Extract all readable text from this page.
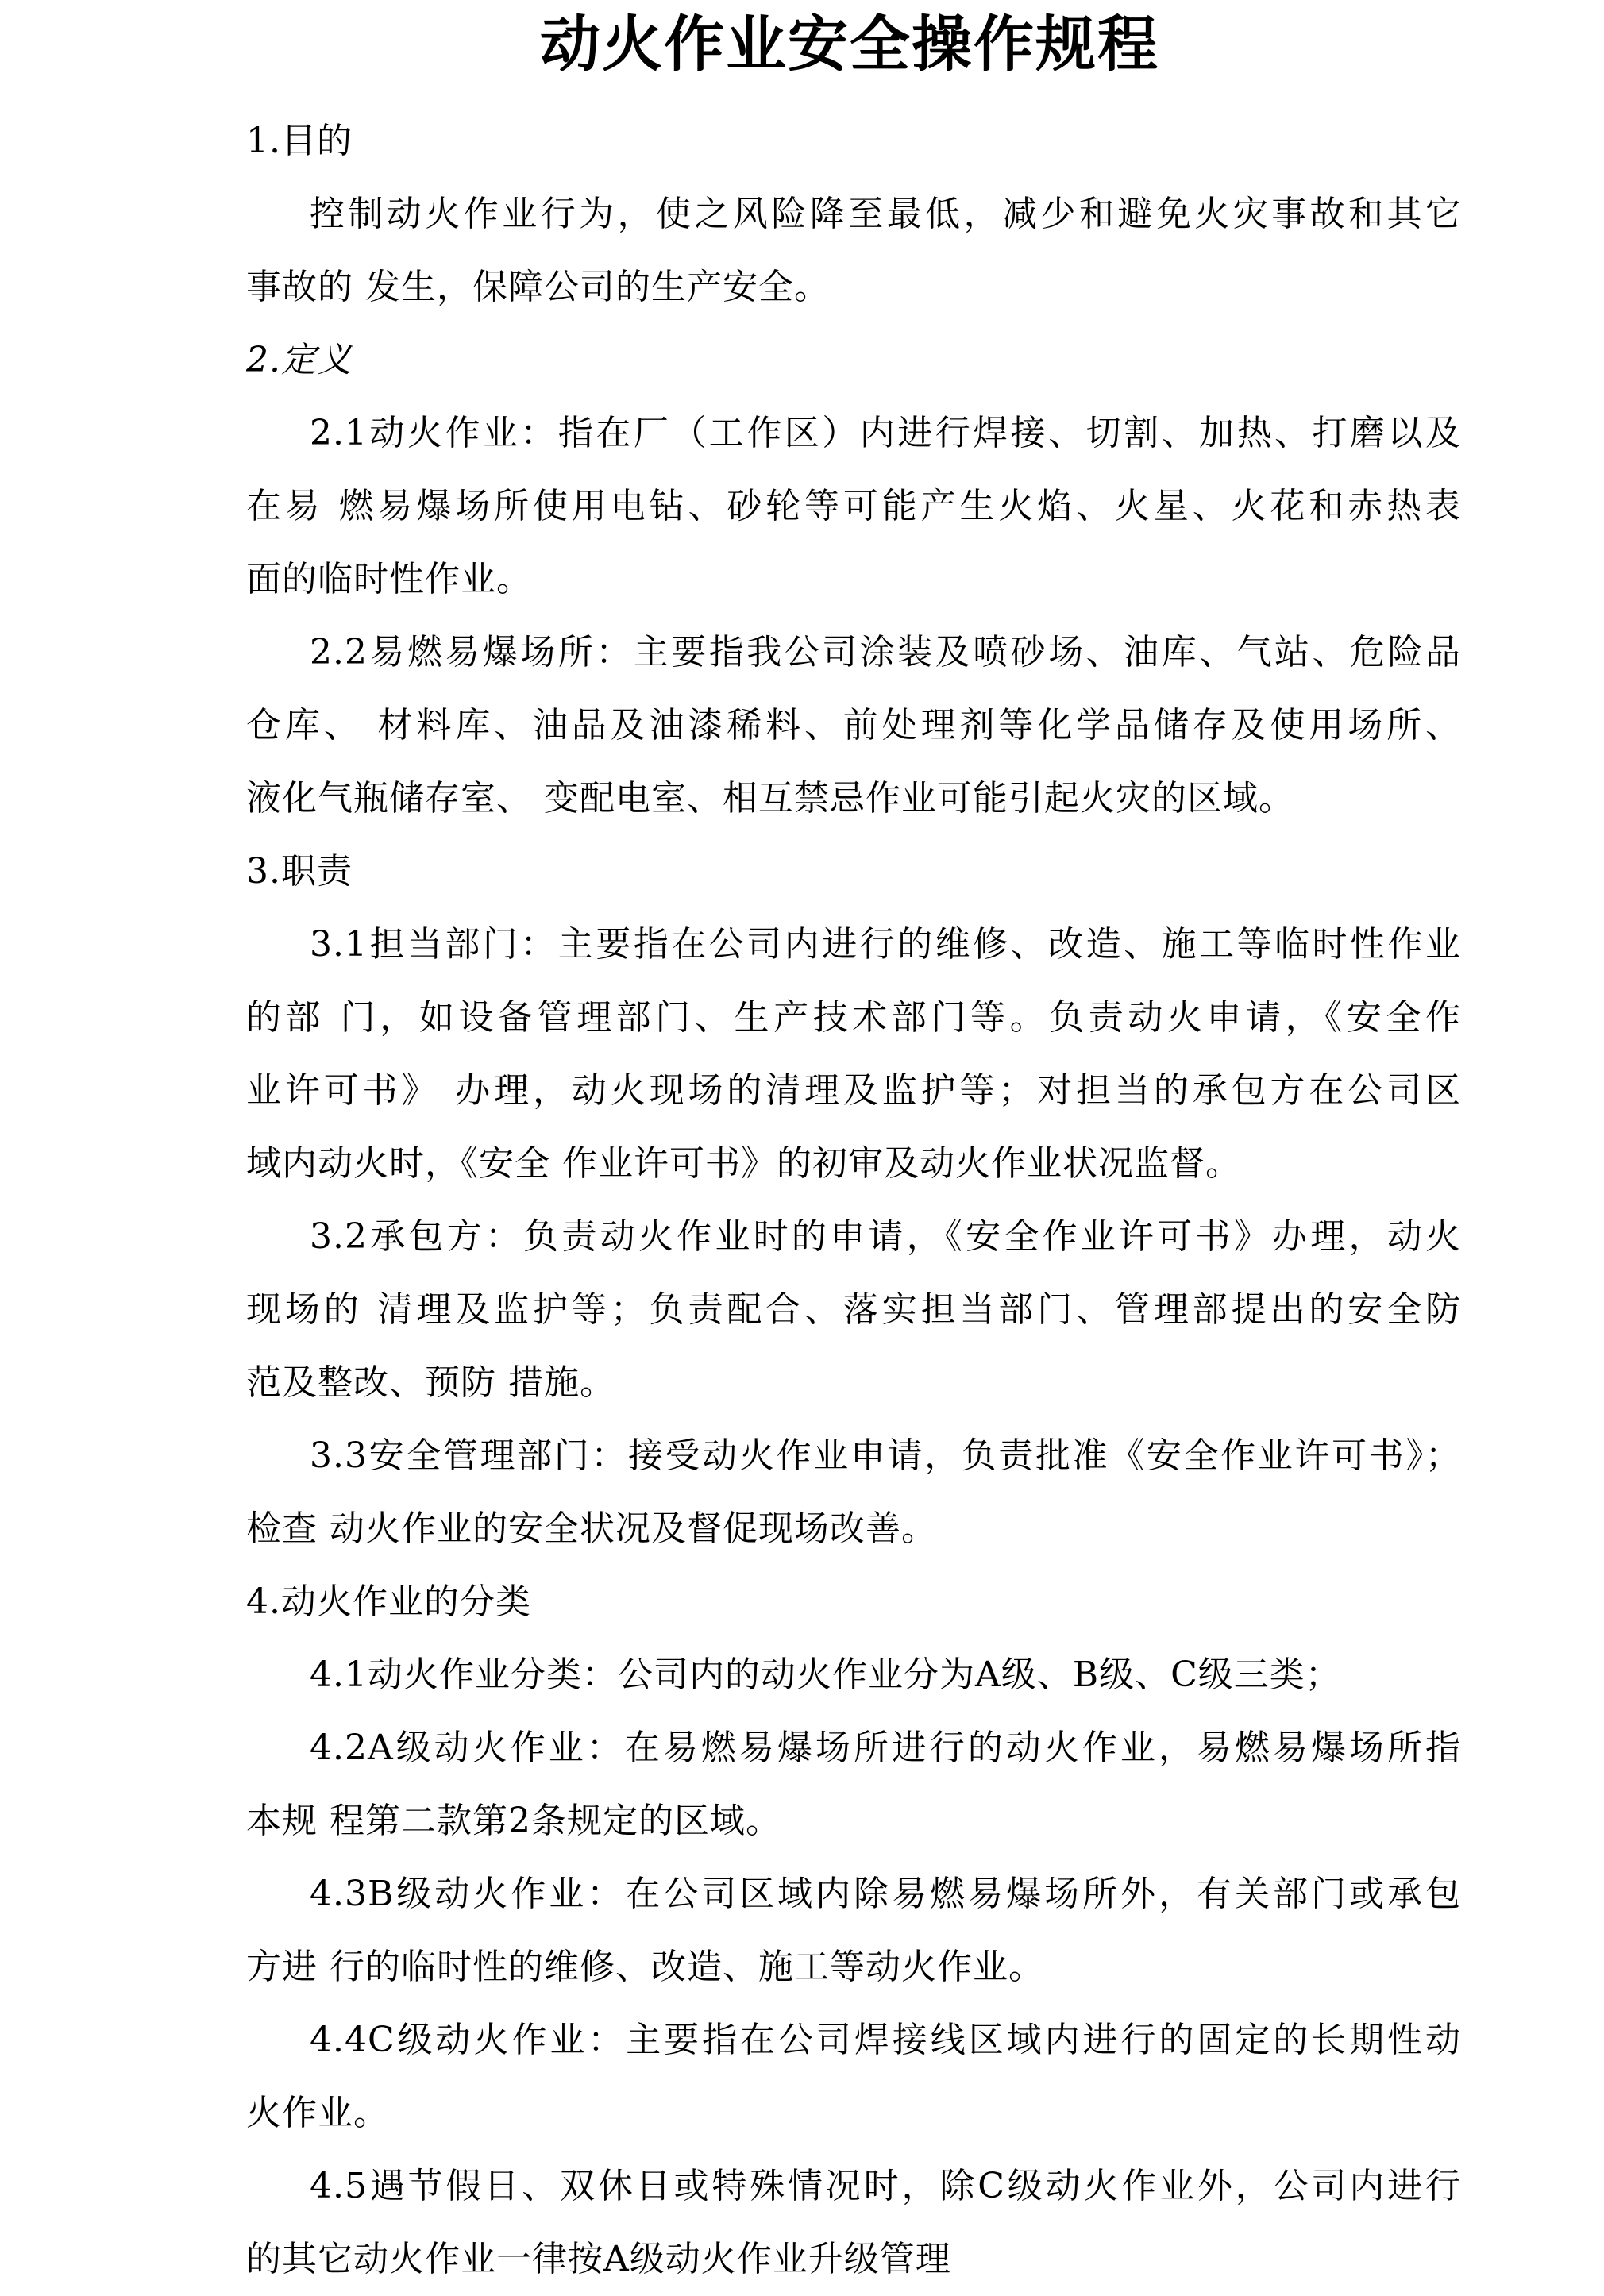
动火作业安全操作规程
1.目的
控制动火作业行为，使之风险降至最低，减少和避免火灾事故和其它
事故的 发生，保障公司的生产安全。
2.定义
2.1动火作业：指在厂（工作区）内进行焊接、切割、加热、打磨以及
在易 燃易爆场所使用电钻、砂轮等可能产生火焰、火星、火花和赤热表
面的临时性作业。
2.2易燃易爆场所：主要指我公司涂装及喷砂场、油库、气站、危险品
仓库、 材料库、油品及油漆稀料、前处理剂等化学品储存及使用场所、
液化气瓶储存室、 变配电室、相互禁忌作业可能引起火灾的区域。
3.职责
3.1担当部门：主要指在公司内进行的维修、改造、施工等临时性作业
的部 门，如设备管理部门、生产技术部门等。负责动火申请，《安全作
业许可书》 办理，动火现场的清理及监护等；对担当的承包方在公司区
域内动火时，《安全 作业许可书》的初审及动火作业状况监督。
3.2承包方：负责动火作业时的申请，《安全作业许可书》办理，动火
现场的 清理及监护等；负责配合、落实担当部门、管理部提出的安全防
范及整改、预防 措施。
3.3安全管理部门：接受动火作业申请，负责批准《安全作业许可书》；
检查 动火作业的安全状况及督促现场改善。
4.动火作业的分类
4.1动火作业分类：公司内的动火作业分为A级、B级、C级三类；
4.2A级动火作业：在易燃易爆场所进行的动火作业，易燃易爆场所指
本规 程第二款第2条规定的区域。
4.3B级动火作业：在公司区域内除易燃易爆场所外，有关部门或承包
方进 行的临时性的维修、改造、施工等动火作业。
4.4C级动火作业：主要指在公司焊接线区域内进行的固定的长期性动
火作业。
4.5遇节假日、双休日或特殊情况时，除C级动火作业外，公司内进行
的其它动火作业一律按A级动火作业升级管理
